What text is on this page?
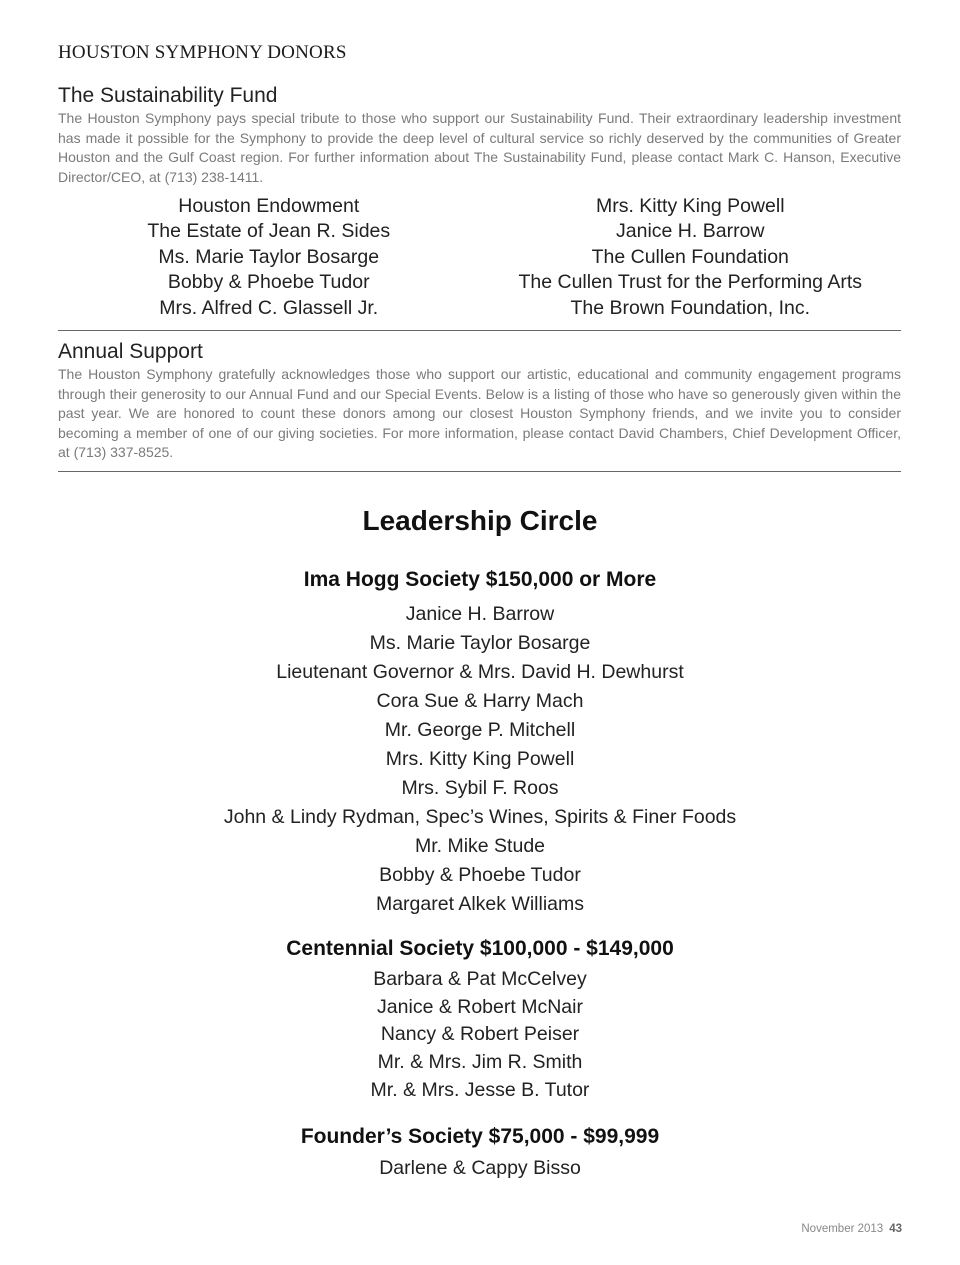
HOUSTON SYMPHONY DONORS
The Sustainability Fund
The Houston Symphony pays special tribute to those who support our Sustainability Fund. Their extraordinary leadership investment has made it possible for the Symphony to provide the deep level of cultural service so richly deserved by the communities of Greater Houston and the Gulf Coast region. For further information about The Sustainability Fund, please contact Mark C. Hanson, Executive Director/CEO, at (713) 238-1411.
Houston Endowment
The Estate of Jean R. Sides
Ms. Marie Taylor Bosarge
Bobby & Phoebe Tudor
Mrs. Alfred C. Glassell Jr.
Mrs. Kitty King Powell
Janice H. Barrow
The Cullen Foundation
The Cullen Trust for the Performing Arts
The Brown Foundation, Inc.
Annual Support
The Houston Symphony gratefully acknowledges those who support our artistic, educational and community engagement programs through their generosity to our Annual Fund and our Special Events. Below is a listing of those who have so generously given within the past year. We are honored to count these donors among our closest Houston Symphony friends, and we invite you to consider becoming a member of one of our giving societies. For more information, please contact David Chambers, Chief Development Officer, at (713) 337-8525.
Leadership Circle
Ima Hogg Society $150,000 or More
Janice H. Barrow
Ms. Marie Taylor Bosarge
Lieutenant Governor & Mrs. David H. Dewhurst
Cora Sue & Harry Mach
Mr. George P. Mitchell
Mrs. Kitty King Powell
Mrs. Sybil F. Roos
John & Lindy Rydman, Spec’s Wines, Spirits & Finer Foods
Mr. Mike Stude
Bobby & Phoebe Tudor
Margaret Alkek Williams
Centennial Society $100,000 - $149,000
Barbara & Pat McCelvey
Janice & Robert McNair
Nancy & Robert Peiser
Mr. & Mrs. Jim R. Smith
Mr. & Mrs. Jesse B. Tutor
Founder’s Society $75,000 - $99,999
Darlene & Cappy Bisso
November 2013 43
